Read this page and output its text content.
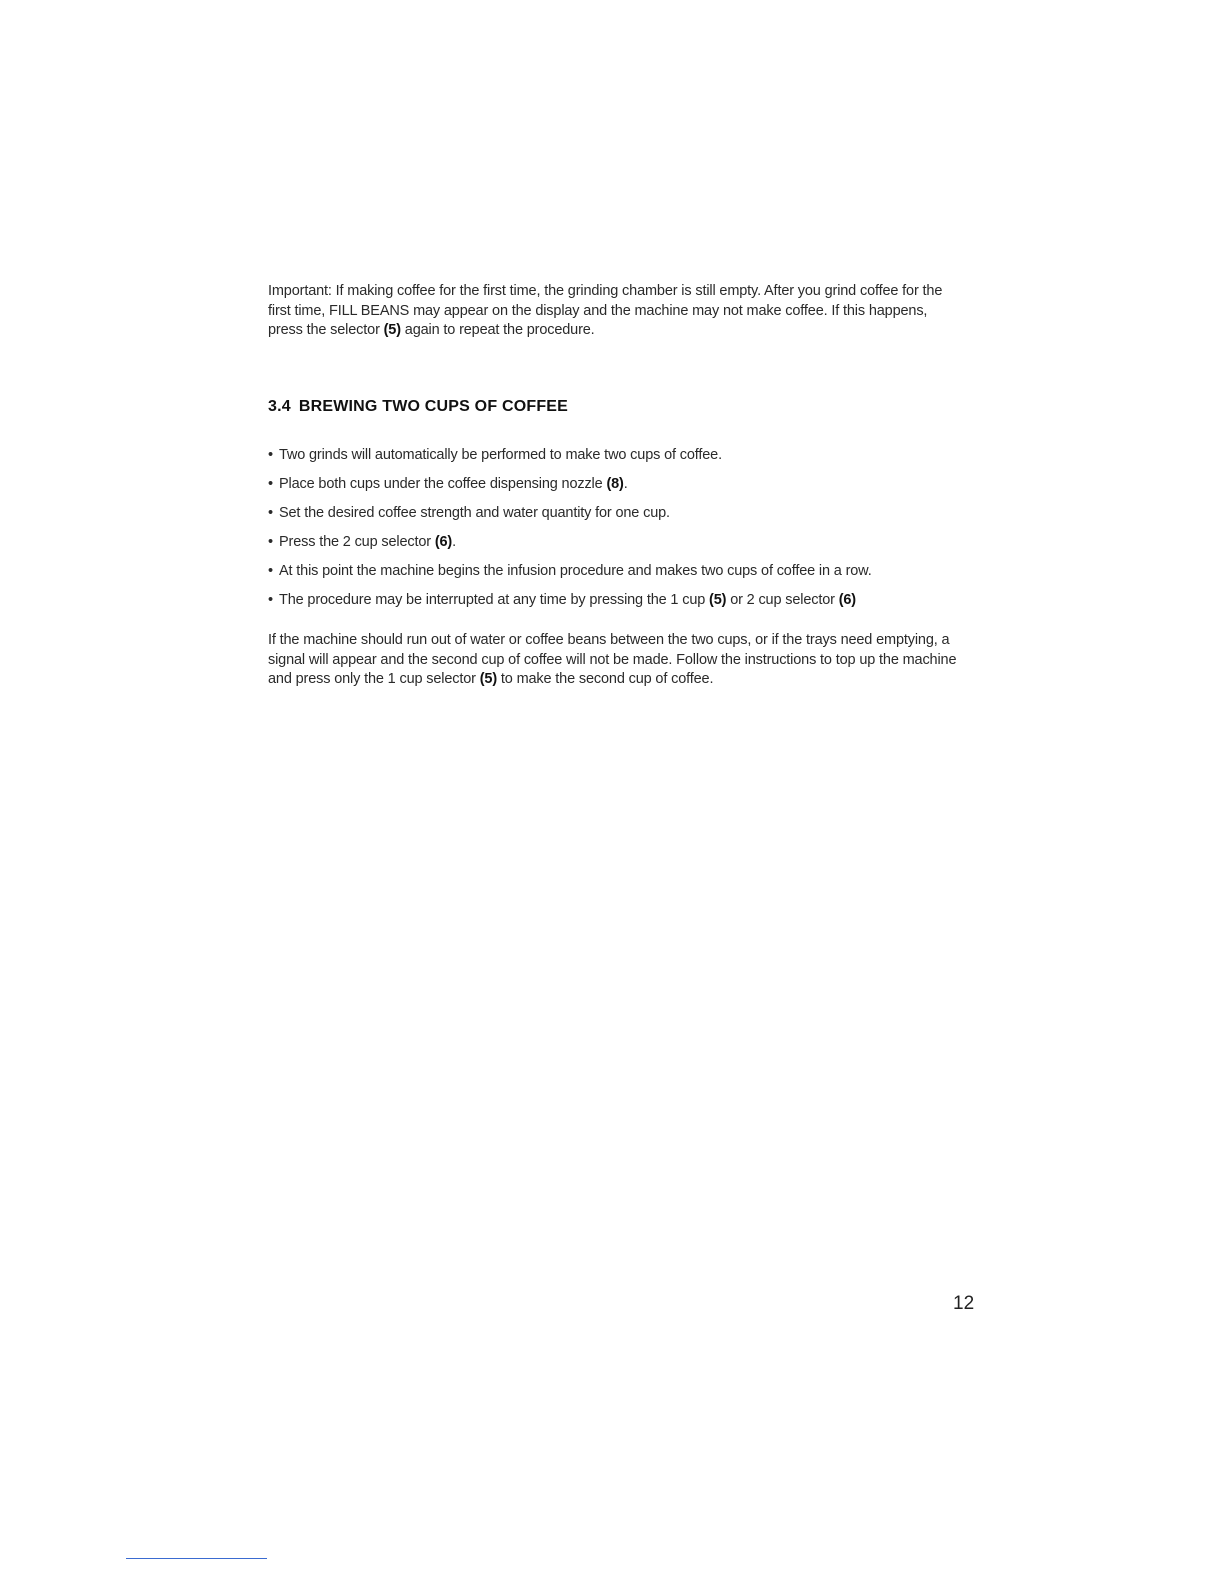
Important: If making coffee for the first time, the grinding chamber is still empty. After you grind coffee for the first time, FILL BEANS may appear on the display and the machine may not make coffee. If this happens, press the selector (5) again to repeat the procedure.

3.4 BREWING TWO CUPS OF COFFEE
• Two grinds will automatically be performed to make two cups of coffee.
• Place both cups under the coffee dispensing nozzle (8).
• Set the desired coffee strength and water quantity for one cup.
• Press the 2 cup selector (6).
• At this point the machine begins the infusion procedure and makes two cups of coffee in a row.
• The procedure may be interrupted at any time by pressing the 1 cup (5) or 2 cup selector (6)

If the machine should run out of water or coffee beans between the two cups, or if the trays need emptying, a signal will appear and the second cup of coffee will not be made. Follow the instructions to top up the machine and press only the 1 cup selector (5) to make the second cup of coffee.

12
